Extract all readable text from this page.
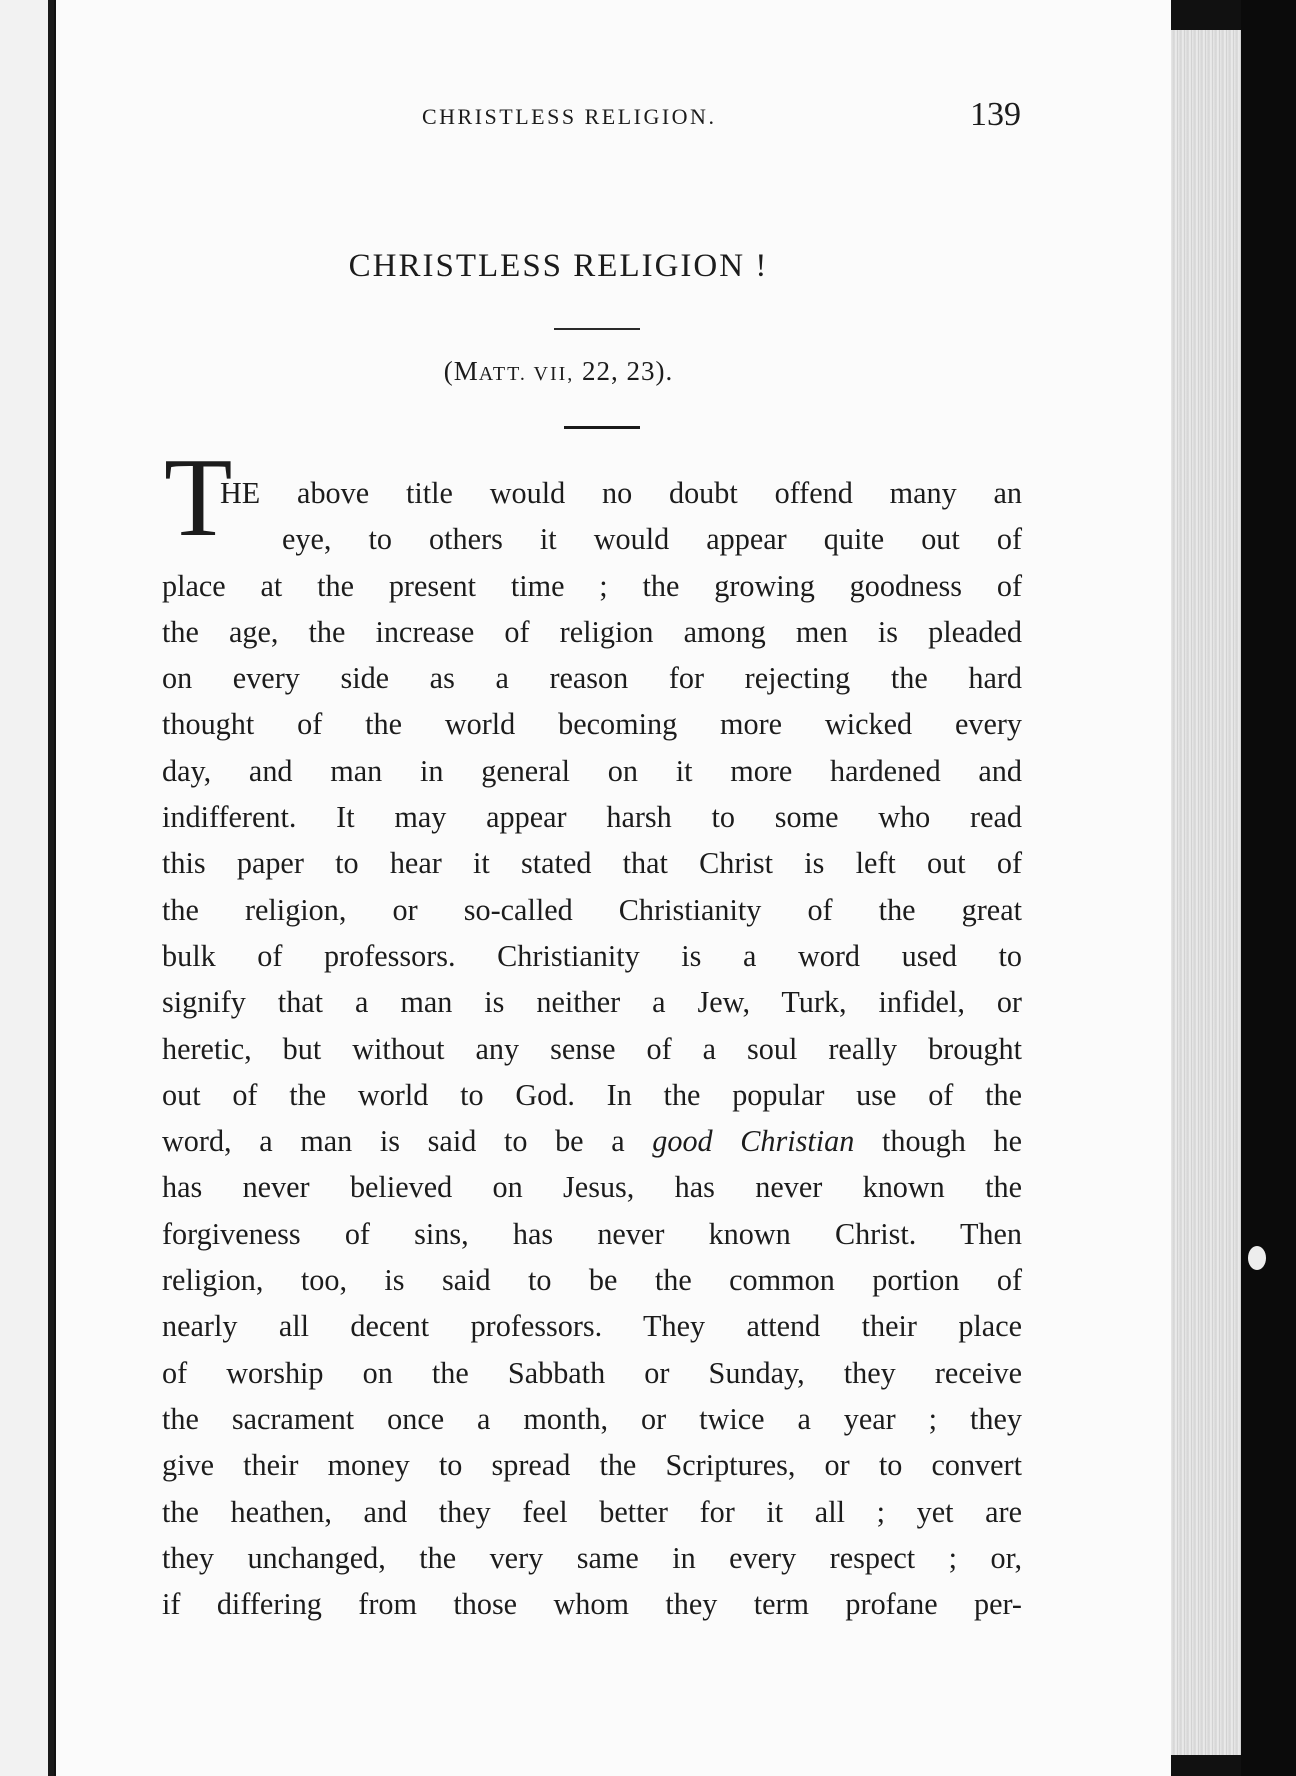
CHRISTLESS RELIGION.	139
CHRISTLESS RELIGION !
(MATT. VII, 22, 23).
T
HE above title would no doubt offend many an
eye, to others it would appear quite out of
place at the present time ; the growing goodness of
the age, the increase of religion among men is pleaded
on every side as a reason for rejecting the hard
thought of the world becoming more wicked every
day, and man in general on it more hardened and
indifferent. It may appear harsh to some who read
this paper to hear it stated that Christ is left out of
the religion, or so-called Christianity of the great
bulk of professors. Christianity is a word used to
signify that a man is neither a Jew, Turk, infidel, or
heretic, but without any sense of a soul really brought
out of the world to God. In the popular use of the
word, a man is said to be a good Christian though he
has never believed on Jesus, has never known the
forgiveness of sins, has never known Christ. Then
religion, too, is said to be the common portion of
nearly all decent professors. They attend their place
of worship on the Sabbath or Sunday, they receive
the sacrament once a month, or twice a year ; they
give their money to spread the Scriptures, or to convert
the heathen, and they feel better for it all ; yet are
they unchanged, the very same in every respect ; or,
if differing from those whom they term profane per-
